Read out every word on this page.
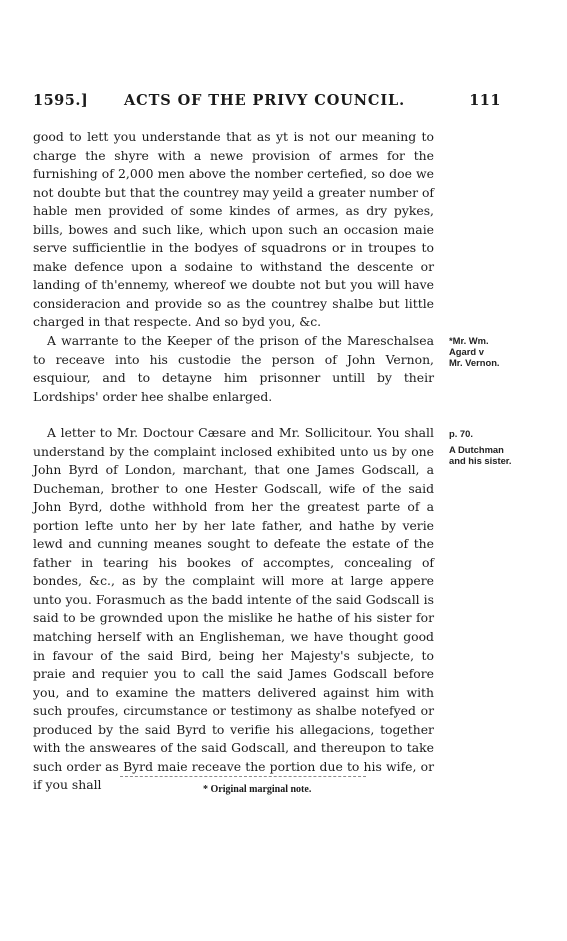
1595.] ACTS OF THE PRIVY COUNCIL.	111

good to lett you understande that as yt is not our meaning to charge the shyre with a newe provision of armes for the furnishing of 2,000 men above the nomber certefied, so doe we not doubte but that the countrey may yeild a greater number of hable men provided of some kindes of armes, as dry pykes, bills, bowes and such like, which upon such an occasion maie serve sufficientlie in the bodyes of squadrons or in troupes to make defence upon a sodaine to withstand the descente or landing of th'ennemy, whereof we doubte not but you will have consideracion and provide so as the countrey shalbe but little charged in that respecte. And so byd you, &c.

A warrante to the Keeper of the prison of the Mareschalsea to receave into his custodie the person of John Vernon, esquiour, and to detayne him prisonner untill by their Lordships' order hee shalbe enlarged.

A letter to Mr. Doctour Cæsare and Mr. Sollicitour. You shall understand by the complaint inclosed exhibited unto us by one John Byrd of London, marchant, that one James Godscall, a Ducheman, brother to one Hester Godscall, wife of the said John Byrd, dothe withhold from her the greatest parte of a portion lefte unto her by her late father, and hathe by verie lewd and cunning meanes sought to defeate the estate of the father in tearing his bookes of accomptes, concealing of bondes, &c., as by the complaint will more at large appere unto you. Forasmuch as the badd intente of the said Godscall is said to be grownded upon the mislike he hathe of his sister for matching herself with an Englisheman, we have thought good in favour of the said Bird, being her Majesty's subjecte, to praie and requier you to call the said James Godscall before you, and to examine the matters delivered against him with such proufes, circumstance or testimony as shalbe notefyed or produced by the said Byrd to verifie his allegacions, together with the answeares of the said Godscall, and thereupon to take such order as Byrd maie receave the portion due to his wife, or if you shall

*Mr. Wm.
Agard v
Mr. Vernon.
p. 70.
A Dutchman
and his sister.
* Original marginal note.
